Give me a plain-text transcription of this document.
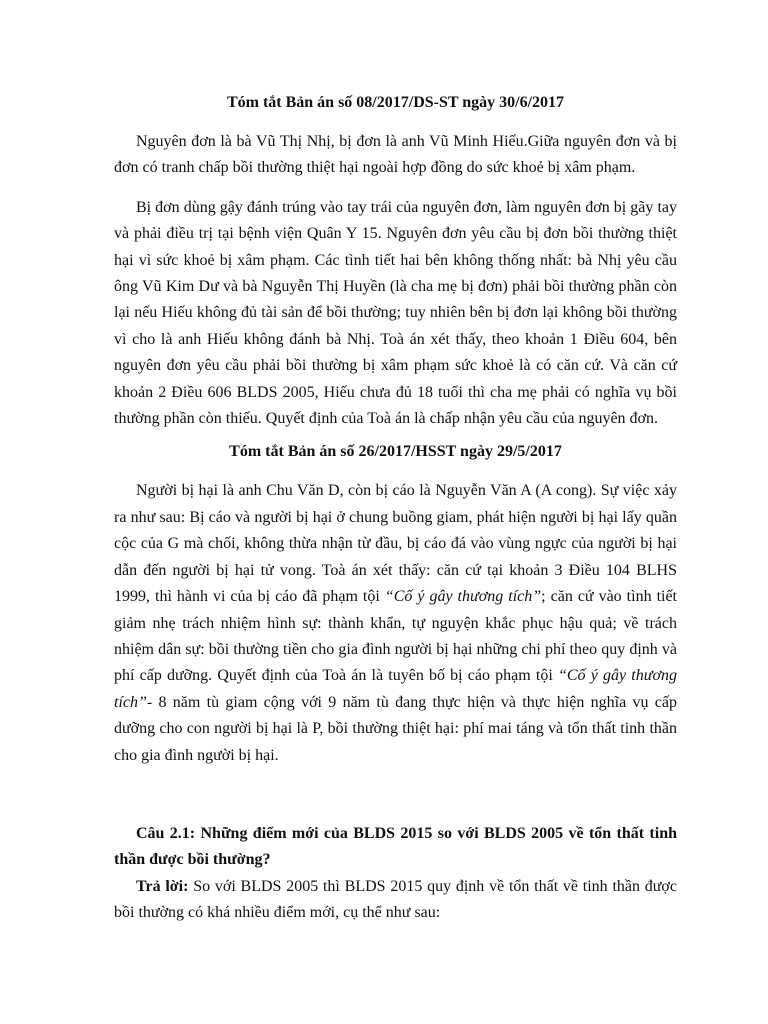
Tóm tắt Bản án số 08/2017/DS-ST ngày 30/6/2017

Nguyên đơn là bà Vũ Thị Nhị, bị đơn là anh Vũ Minh Hiếu.Giữa nguyên đơn và bị đơn có tranh chấp bồi thường thiệt hại ngoài hợp đồng do sức khoẻ bị xâm phạm.

Bị đơn dùng gậy đánh trúng vào tay trái của nguyên đơn, làm nguyên đơn bị gãy tay và phải điều trị tại bệnh viện Quân Y 15. Nguyên đơn yêu cầu bị đơn bồi thường thiệt hại vì sức khoẻ bị xâm phạm. Các tình tiết hai bên không thống nhất: bà Nhị yêu cầu ông Vũ Kim Dư và bà Nguyễn Thị Huyền (là cha mẹ bị đơn) phải bồi thường phần còn lại nếu Hiếu không đủ tài sản để bồi thường; tuy nhiên bên bị đơn lại không bồi thường vì cho là anh Hiếu không đánh bà Nhị. Toà án xét thấy, theo khoản 1 Điều 604, bên nguyên đơn yêu cầu phải bồi thường bị xâm phạm sức khoẻ là có căn cứ. Và căn cứ khoản 2 Điều 606 BLDS 2005, Hiếu chưa đủ 18 tuổi thì cha mẹ phải có nghĩa vụ bồi thường phần còn thiếu. Quyết định của Toà án là chấp nhận yêu cầu của nguyên đơn.

Tóm tắt Bản án số 26/2017/HSST ngày 29/5/2017

Người bị hại là anh Chu Văn D, còn bị cáo là Nguyễn Văn A (A cong). Sự việc xảy ra như sau: Bị cáo và người bị hại ở chung buồng giam, phát hiện người bị hại lấy quần cộc của G mà chối, không thừa nhận từ đầu, bị cáo đá vào vùng ngực của người bị hại dẫn đến người bị hại tử vong. Toà án xét thấy: căn cứ tại khoản 3 Điều 104 BLHS 1999, thì hành vi của bị cáo đã phạm tội “Cố ý gây thương tích”; căn cứ vào tình tiết giảm nhẹ trách nhiệm hình sự: thành khẩn, tự nguyện khắc phục hậu quả; về trách nhiệm dân sự: bồi thường tiền cho gia đình người bị hại những chi phí theo quy định và phí cấp dưỡng. Quyết định của Toà án là tuyên bố bị cáo phạm tội “Cố ý gây thương tích”- 8 năm tù giam cộng với 9 năm tù đang thực hiện và thực hiện nghĩa vụ cấp dưỡng cho con người bị hại là P, bồi thường thiệt hại: phí mai táng và tổn thất tinh thần cho gia đình người bị hại.

Câu 2.1: Những điểm mới của BLDS 2015 so với BLDS 2005 về tổn thất tinh thần được bồi thường?

Trả lời: So với BLDS 2005 thì BLDS 2015 quy định về tổn thất về tinh thần được bồi thường có khá nhiều điểm mới, cụ thể như sau:
